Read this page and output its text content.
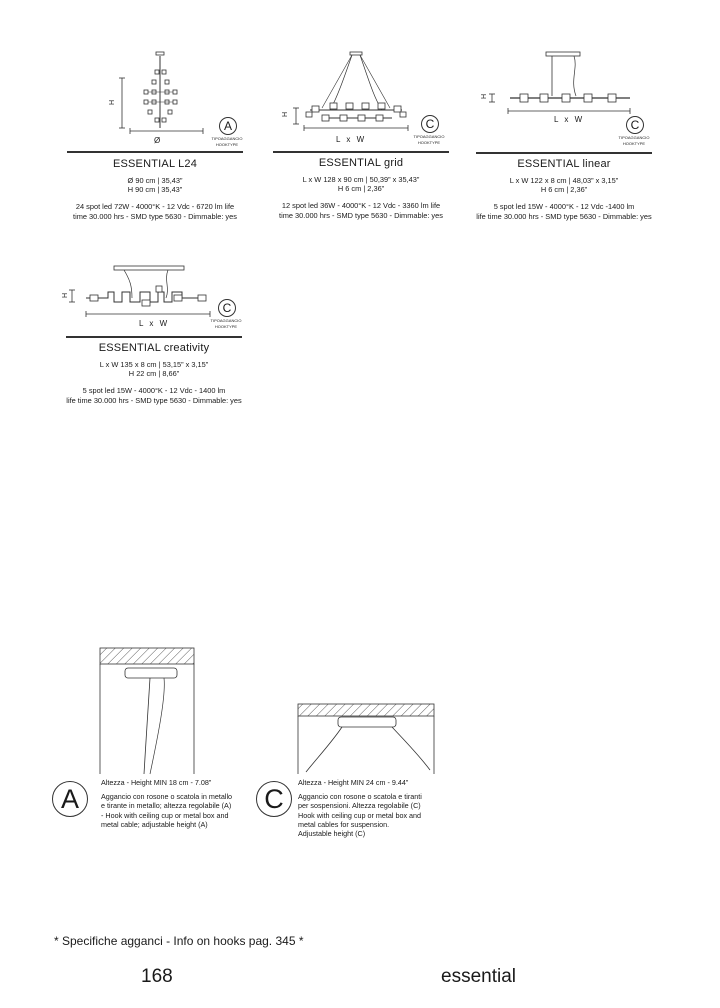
H
Ø
A
TIPOAGGANCIO
HOOKTYPE
ESSENTIAL L24
Ø 90 cm | 35,43”
H 90 cm | 35,43”
24 spot led 72W - 4000°K - 12 Vdc - 6720 lm life
time 30.000 hrs - SMD type 5630 - Dimmable: yes
H
L x W
C
TIPOAGGANCIO
HOOKTYPE
ESSENTIAL grid
L x W 128 x 90 cm | 50,39” x 35,43”
H 6 cm | 2,36”
12 spot led 36W - 4000°K - 12 Vdc - 3360 lm life
time 30.000 hrs - SMD type 5630 - Dimmable: yes
H
L x W	C
TIPOAGGANCIO
HOOKTYPE
ESSENTIAL linear
L x W 122 x 8 cm | 48,03” x 3,15”
H 6 cm | 2,36”
5 spot led 15W - 4000°K - 12 Vdc -1400 lm
life time 30.000 hrs - SMD type 5630 - Dimmable: yes
H
L x W
C
TIPOAGGANCIO
HOOKTYPE
ESSENTIAL creativity
L x W 135 x 8 cm | 53,15” x 3,15”
H 22 cm | 8,66”
5 spot led 15W - 4000°K - 12 Vdc - 1400 lm
life time 30.000 hrs - SMD type 5630 - Dimmable: yes
A
Altezza - Height MIN 18 cm - 7.08”
Aggancio con rosone o scatola in metallo
e tirante in metallo; altezza regolabile (A)
- Hook with ceiling cup or metal box and
metal cable; adjustable height (A)
C
Altezza - Height MIN 24 cm - 9.44”
Aggancio con rosone o scatola e tiranti
per sospensioni. Altezza regolabile (C)
Hook with ceiling cup or metal box and
metal cables for suspension.
Adjustable height (C)
* Specifiche agganci - Info on hooks pag. 345 *
168	essential
